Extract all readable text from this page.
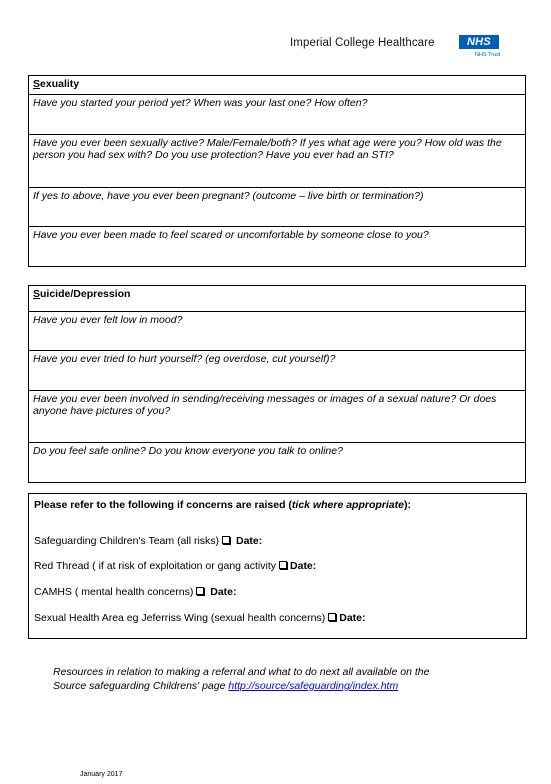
Imperial College Healthcare	NHS
NHS Trust
Sexuality
Have you started your period yet? When was your last one? How often?
Have you ever been sexually active? Male/Female/both? If yes what age were you? How old was the person you had sex with? Do you use protection? Have you ever had an STI?
If yes to above, have you ever been pregnant? (outcome – live birth or termination?)
Have you ever been made to feel scared or uncomfortable by someone close to you?
Suicide/Depression
Have you ever felt low in mood?
Have you ever tried to hurt yourself? (eg overdose, cut yourself)?
Have you ever been involved in sending/receiving messages or images of a sexual nature? Or does anyone have pictures of you?
Do you feel safe online? Do you know everyone you talk to online?
Please refer to the following if concerns are raised (tick where appropriate):
Safeguarding Children's Team (all risks) Date:
Red Thread ( if at risk of exploitation or gang activity Date:
CAMHS ( mental health concerns) Date:
Sexual Health Area eg Jeferriss Wing (sexual health concerns) Date:
Resources in relation to making a referral and what to do next all available on the
Source safeguarding Childrens' page http://source/safeguarding/index.htm
January 2017
